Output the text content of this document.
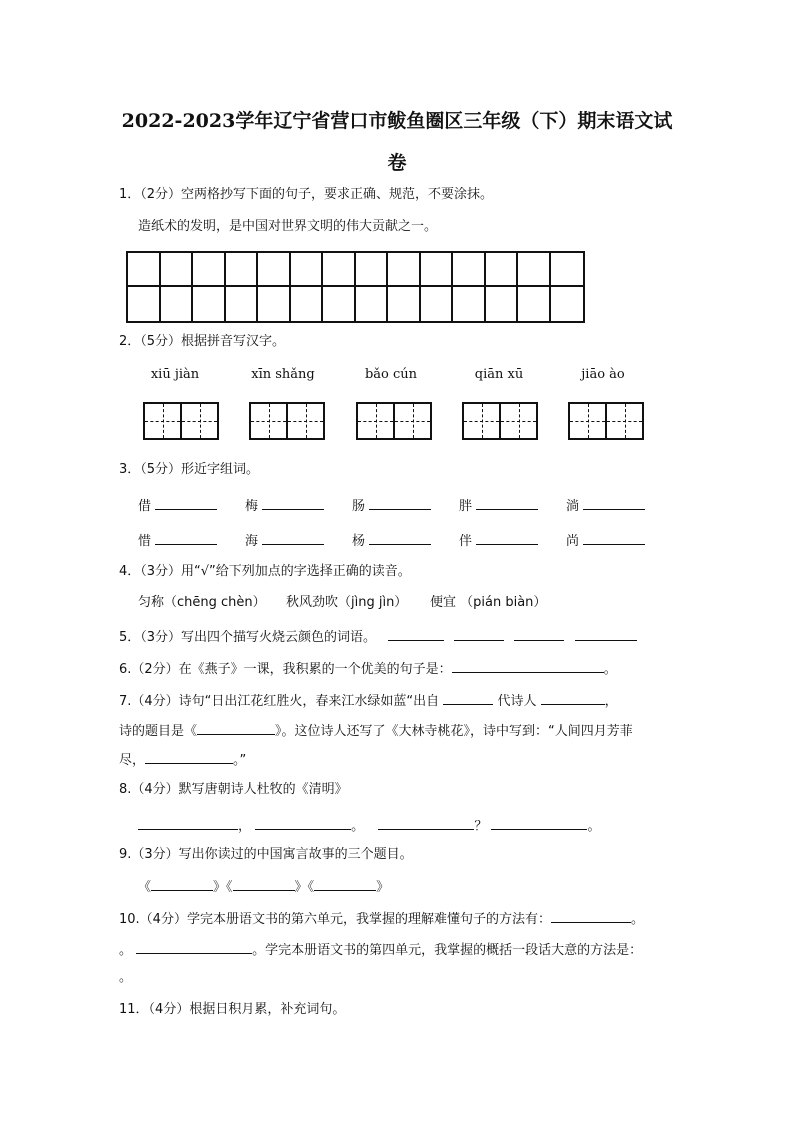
2022-2023学年辽宁省营口市鲅鱼圈区三年级（下）期末语文试
卷
1．（2分）空两格抄写下面的句子，要求正确、规范，不要涂抹。
造纸术的发明，是中国对世界文明的伟大贡献之一。
2．（5分）根据拼音写汉字。
xiū jiàn	xīn shǎng	bǎo cún	qiān xū	jiāo ào
3．（5分）形近字组词。
借	梅	肠	胖	淌
惜	海	杨	伴	尚
4．（3分）用“√”给下列加点的字选择正确的读音。
匀称（chēng chèn） 秋风劲吹（jìng jìn） 便宜 （pián biàn）
5．（3分）写出四个描写火烧云颜色的词语。
6.（2分）在《燕子》一课，我积累的一个优美的句子是：	。
7.（4分）诗句“日出江花红胜火，春来江水绿如蓝“出自	代诗人	，
诗的题目是《	》。这位诗人还写了《大林寺桃花》，诗中写到：“人间四月芳菲
尽，	。”
8.（4分）默写唐朝诗人杜牧的《清明》
，	。	？	。
9.（3分）写出你读过的中国寓言故事的三个题目。
《	》《	》《	》
10.（4分）学完本册语文书的第六单元，我掌握的理解难懂句子的方法有：	。
。	。学完本册语文书的第四单元，我掌握的概括一段话大意的方法是：
。
11．（4分）根据日积月累，补充词句。
